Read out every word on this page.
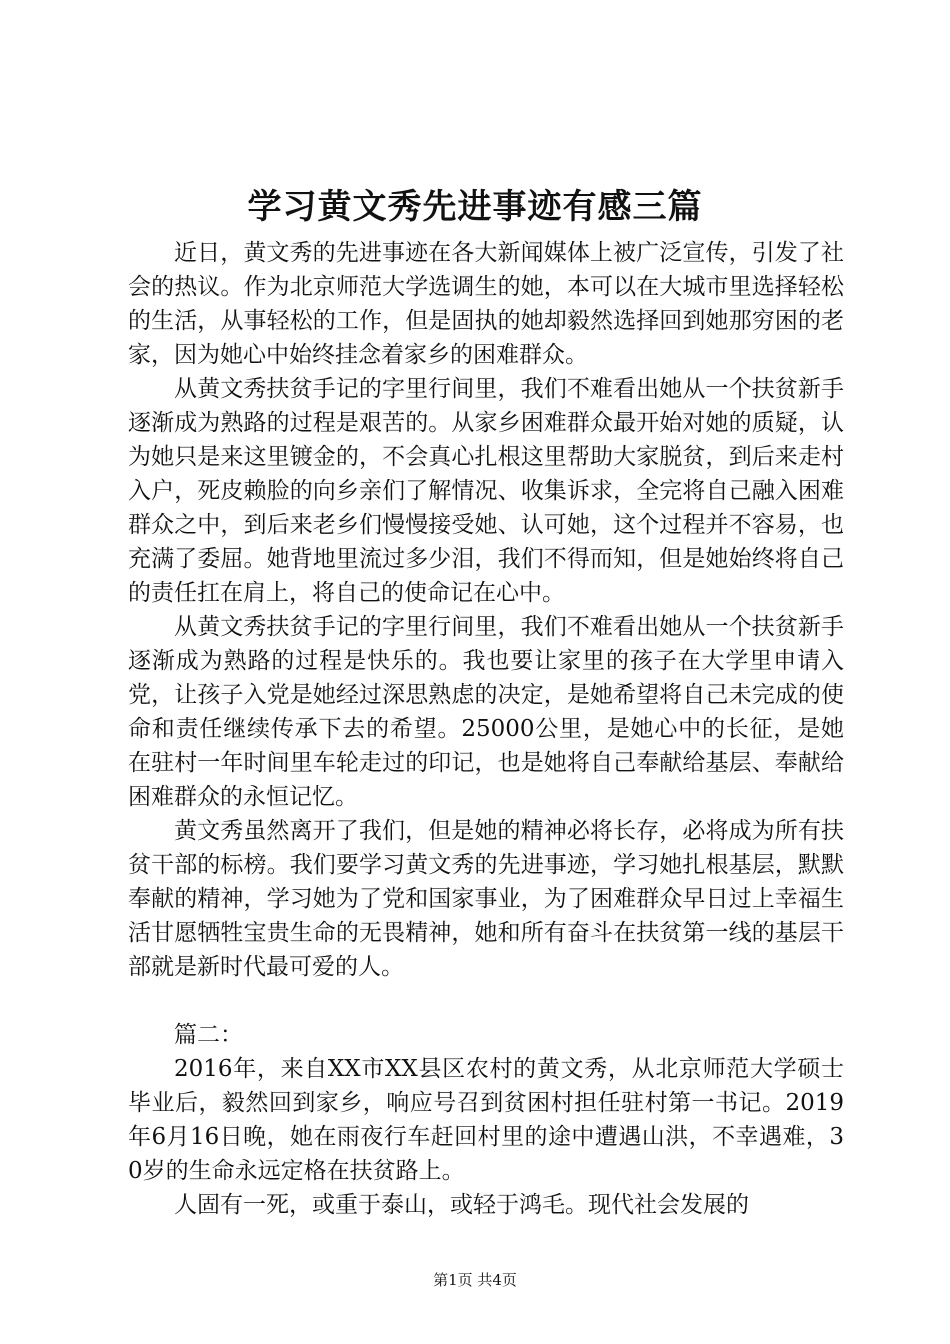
学习黄文秀先进事迹有感三篇

近日，黄文秀的先进事迹在各大新闻媒体上被广泛宣传，引发了社会的热议。作为北京师范大学选调生的她，本可以在大城市里选择轻松的生活，从事轻松的工作，但是固执的她却毅然选择回到她那穷困的老家，因为她心中始终挂念着家乡的困难群众。

从黄文秀扶贫手记的字里行间里，我们不难看出她从一个扶贫新手逐渐成为熟路的过程是艰苦的。从家乡困难群众最开始对她的质疑，认为她只是来这里镀金的，不会真心扎根这里帮助大家脱贫，到后来走村入户，死皮赖脸的向乡亲们了解情况、收集诉求，全完将自己融入困难群众之中，到后来老乡们慢慢接受她、认可她，这个过程并不容易，也充满了委屈。她背地里流过多少泪，我们不得而知，但是她始终将自己的责任扛在肩上，将自己的使命记在心中。

从黄文秀扶贫手记的字里行间里，我们不难看出她从一个扶贫新手逐渐成为熟路的过程是快乐的。我也要让家里的孩子在大学里申请入党，让孩子入党是她经过深思熟虑的决定，是她希望将自己未完成的使命和责任继续传承下去的希望。25000公里，是她心中的长征，是她在驻村一年时间里车轮走过的印记，也是她将自己奉献给基层、奉献给困难群众的永恒记忆。

黄文秀虽然离开了我们，但是她的精神必将长存，必将成为所有扶贫干部的标榜。我们要学习黄文秀的先进事迹，学习她扎根基层，默默奉献的精神，学习她为了党和国家事业，为了困难群众早日过上幸福生活甘愿牺牲宝贵生命的无畏精神，她和所有奋斗在扶贫第一线的基层干部就是新时代最可爱的人。

篇二：

2016年，来自XX市XX县区农村的黄文秀，从北京师范大学硕士毕业后，毅然回到家乡，响应号召到贫困村担任驻村第一书记。2019年6月16日晚，她在雨夜行车赶回村里的途中遭遇山洪，不幸遇难，30岁的生命永远定格在扶贫路上。

人固有一死，或重于泰山，或轻于鸿毛。现代社会发展的

第1页 共4页
